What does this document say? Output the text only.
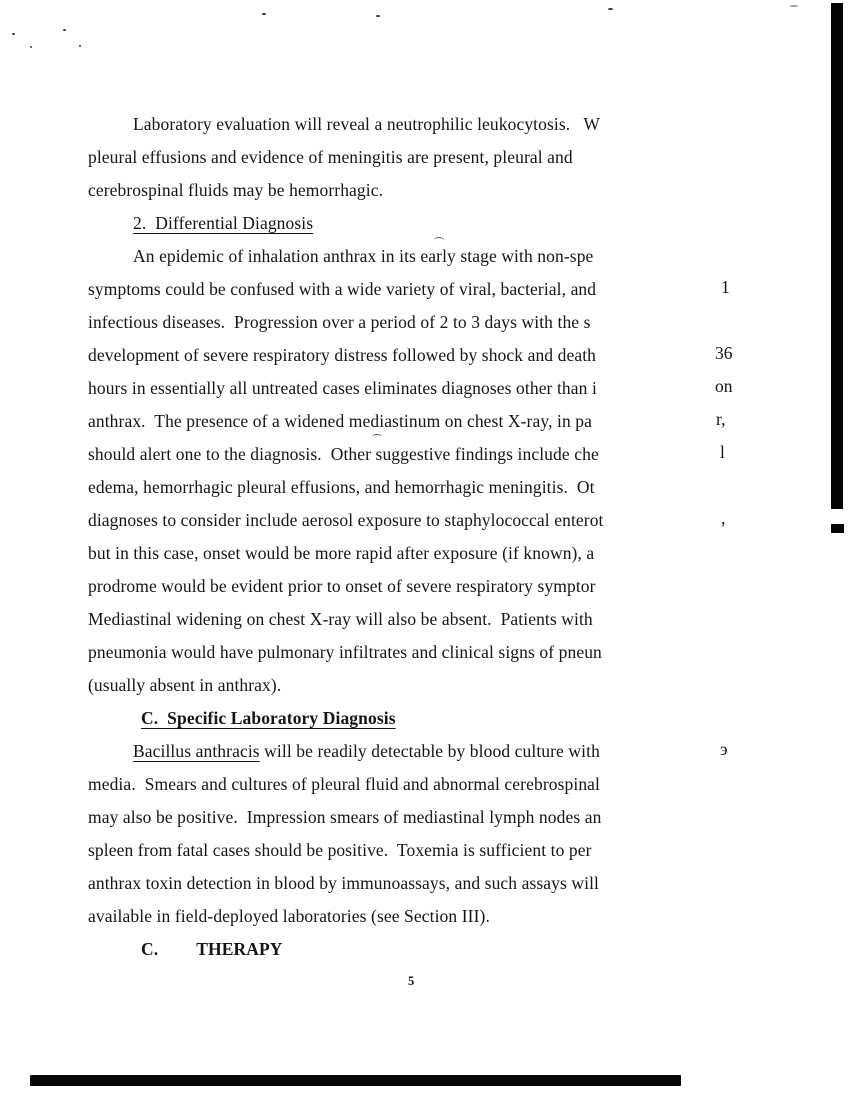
Laboratory evaluation will reveal a neutrophilic leukocytosis.   W

pleural effusions and evidence of meningitis are present, pleural and

cerebrospinal fluids may be hemorrhagic.

2.  Differential Diagnosis

An epidemic of inhalation anthrax in its early stage with non-spe

symptoms could be confused with a wide variety of viral, bacterial, and

infectious diseases.  Progression over a period of 2 to 3 days with the s

development of severe respiratory distress followed by shock and death

hours in essentially all untreated cases eliminates diagnoses other than i

anthrax.  The presence of a widened mediastinum on chest X-ray, in pa

should alert one to the diagnosis.  Other suggestive findings include che

edema, hemorrhagic pleural effusions, and hemorrhagic meningitis.  Ot

diagnoses to consider include aerosol exposure to staphylococcal enterot

but in this case, onset would be more rapid after exposure (if known), a

prodrome would be evident prior to onset of severe respiratory symptor

Mediastinal widening on chest X-ray will also be absent.  Patients with

pneumonia would have pulmonary infiltrates and clinical signs of pneun

(usually absent in anthrax).

C.  Specific Laboratory Diagnosis

Bacillus anthracis will be readily detectable by blood culture with

media.  Smears and cultures of pleural fluid and abnormal cerebrospinal

may also be positive.  Impression smears of mediastinal lymph nodes an

spleen from fatal cases should be positive.  Toxemia is sufficient to per

anthrax toxin detection in blood by immunoassays, and such assays will

available in field-deployed laboratories (see Section III).

C. THERAPY

1
36
on
r,
l
,
э
5
